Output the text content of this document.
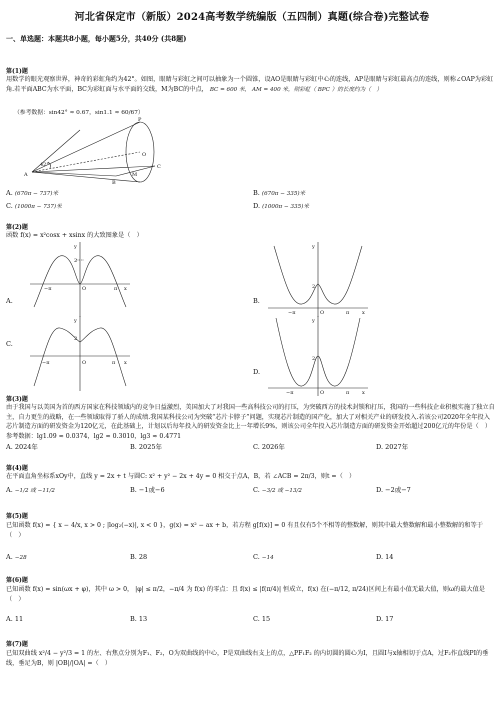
河北省保定市（新版）2024高考数学统编版（五四制）真题(综合卷)完整试卷
一、单选题：本题共8小题，每小题5分，共40分 (共8题)
第(1)题
用数学的眼光观察世界，神奇的彩虹角约为42°。如图，眼睛与彩虹之间可以抽象为一个圆锥，设AO是眼睛与彩虹中心的连线，AP是眼睛与彩虹最高点的连线，则称∠OAP为彩虹角.若平面ABC为水平面，BC为彩虹面与水平面的交线，M为BC的中点， BC = 600 米， AM = 400 米，则彩虹（ BPC ）的长度约为（　）
（参考数据：sin42° ≈ 0.67，sin1.1 ≈ 60/67）
P
42°
O
A
B
C
M
A. (670π − 737)米	B. (670π − 335)米
C. (1000π − 737)米	D. (1000π − 335)米
第(2)题
函数 f(x) = x²cosx + xsinx 的大致图象是（　）
A.	B.
C.
D.
y
2
−π	O	π x
y
2
−π	O	π	x
y
2
−π	O	π x
y
2
−π	O	π	x
第(3)题
由于我国与以美国为首的西方国家在科技领域内的竞争日益激烈，美国加大了对我国一些高科技公司的打压，为突破西方的技术封锁和打压，我国的一些科技企业积极实施了独立自主，自力更生的战略，在一些领域取得了骄人的成绩.我国某科技公司为突破“芯片卡脖子”问题，实现芯片制造的国产化，加大了对相关产业的研发投入.若该公司2020年全年投入芯片制造方面的研发资金为120亿元，在此基础上，计划以后每年投入的研发资金比上一年增长9%，则该公司全年投入芯片制造方面的研发资金开始超过200亿元的年份是（　）参考数据：lg1.09 ≈ 0.0374，lg2 ≈ 0.3010，lg3 ≈ 0.4771
A. 2024年	B. 2025年	C. 2026年	D. 2027年
第(4)题
在平面直角坐标系xOy中，直线 y = 2x + t 与圆C: x² + y² − 2x + 4y = 0 相交于点A，B，若 ∠ACB = 2π/3，则t =（　）
A. −1/2 或 −11/2	B. −1或−6	C. −3/2 或 −13/2	D. −2或−7
第(5)题
已知函数 f(x) = { x − 4/x, x > 0 ; |log₂(−x)|, x < 0 }，g(x) = x² − ax + b，若方程 g[f(x)] = 0 有且仅有5个不相等的整数解，则其中最大整数解和最小整数解的和等于（　）
A. −28	B. 28	C. −14	D. 14
第(6)题
已知函数 f(x) = sin(ωx + φ)，其中 ω > 0， |φ| ≤ π/2，−π/4 为 f(x) 的零点：且 f(x) ≤ |f(π/4)| 恒成立，f(x) 在(−π/12, π/24)区间上有最小值无最大值，则ω的最大值是（　）
A. 11	B. 13	C. 15	D. 17
第(7)题
已知双曲线 x²/4 − y²/3 = 1 的左、右焦点分别为F₁、F₂，O为双曲线的中心，P是双曲线右支上的点，△PF₁F₂ 的内切圆的圆心为I，且圆I与x轴相切于点A，过F₂作直线PI的垂线，垂足为B，则 |OB|/|OA| =（　）
